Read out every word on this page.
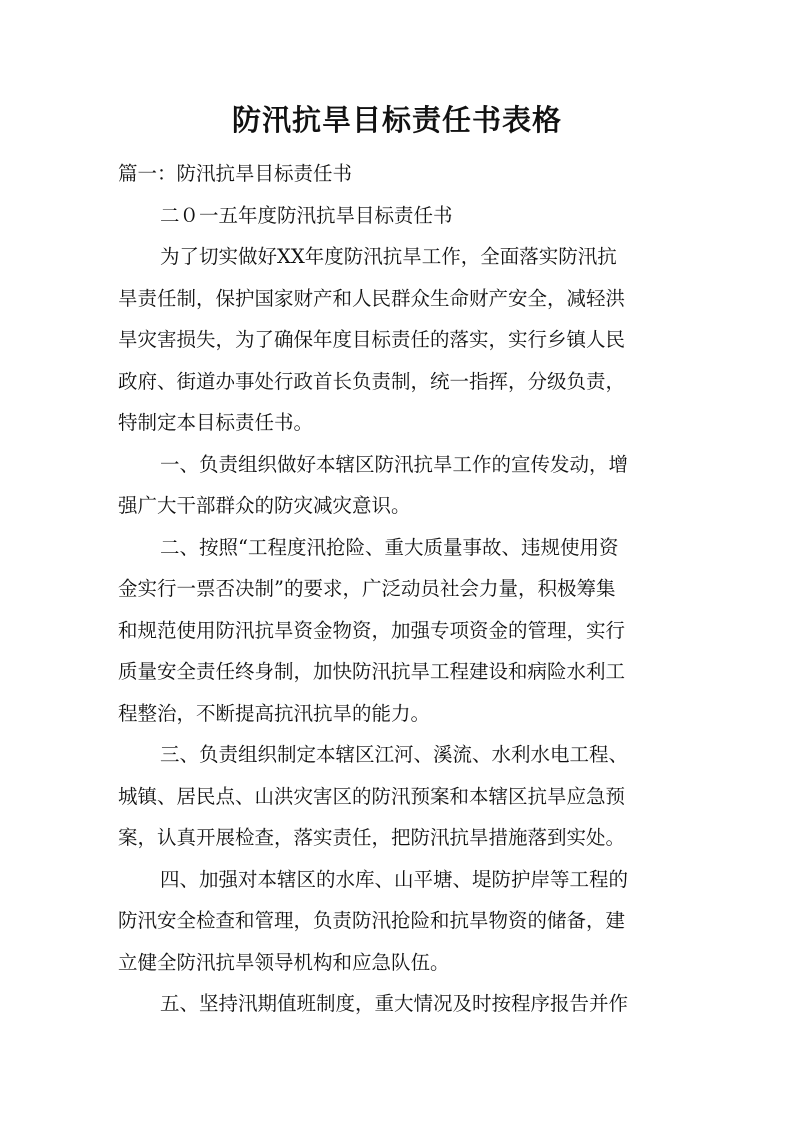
防汛抗旱目标责任书表格

篇一：防汛抗旱目标责任书

二０一五年度防汛抗旱目标责任书

为了切实做好XX年度防汛抗旱工作，全面落实防汛抗

旱责任制，保护国家财产和人民群众生命财产安全，减轻洪

旱灾害损失，为了确保年度目标责任的落实，实行乡镇人民

政府、街道办事处行政首长负责制，统一指挥，分级负责，

特制定本目标责任书。

一、负责组织做好本辖区防汛抗旱工作的宣传发动，增

强广大干部群众的防灾减灾意识。

二、按照“工程度汛抢险、重大质量事故、违规使用资

金实行一票否决制”的要求，广泛动员社会力量，积极筹集

和规范使用防汛抗旱资金物资，加强专项资金的管理，实行

质量安全责任终身制，加快防汛抗旱工程建设和病险水利工

程整治，不断提高抗汛抗旱的能力。

三、负责组织制定本辖区江河、溪流、水利水电工程、

城镇、居民点、山洪灾害区的防汛预案和本辖区抗旱应急预

案，认真开展检查，落实责任，把防汛抗旱措施落到实处。

四、加强对本辖区的水库、山平塘、堤防护岸等工程的

防汛安全检查和管理，负责防汛抢险和抗旱物资的储备，建

立健全防汛抗旱领导机构和应急队伍。

五、坚持汛期值班制度，重大情况及时按程序报告并作
